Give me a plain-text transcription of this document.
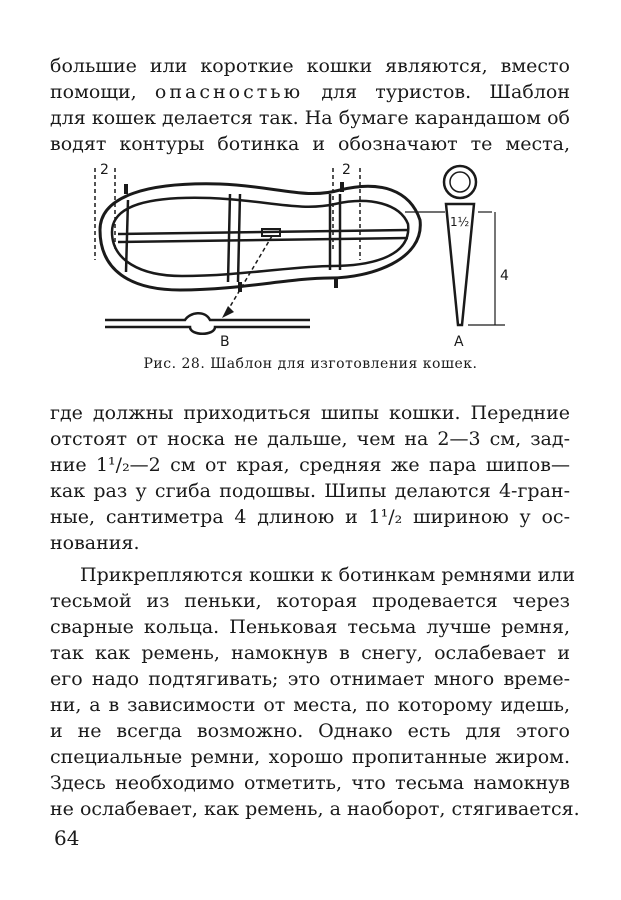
большие или короткие кошки являются, вместо
помощи, опасностью для туристов. Шаблон
для кошек делается так. На бумаге карандашом об
водят контуры ботинка и обозначают те места,
2	2
B
1½
4
A
Рис. 28. Шаблон для изготовления кошек.
где должны приходиться шипы кошки. Передние
отстоят от носка не дальше, чем на 2—3 см, зад-
ние 1¹/₂—2 см от края, средняя же пара шипов—
как раз у сгиба подошвы. Шипы делаются 4-гран-
ные, сантиметра 4 длиною и 1¹/₂ шириною у ос-
нования.
Прикрепляются кошки к ботинкам ремнями или
тесьмой из пеньки, которая продевается через
сварные кольца. Пеньковая тесьма лучше ремня,
так как ремень, намокнув в снегу, ослабевает и
его надо подтягивать; это отнимает много време-
ни, а в зависимости от места, по которому идешь,
и не всегда возможно. Однако есть для этого
специальные ремни, хорошо пропитанные жиром.
Здесь необходимо отметить, что тесьма намокнув
не ослабевает, как ремень, а наоборот, стягивается.
64
